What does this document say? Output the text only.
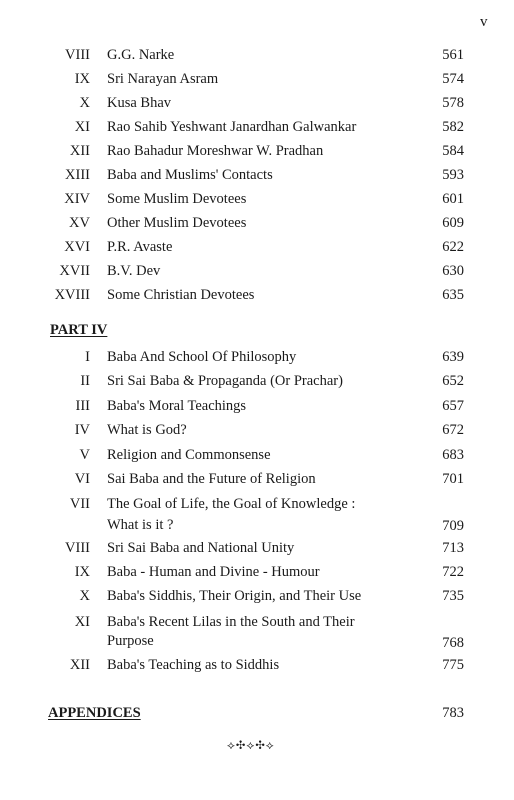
v
VIII G.G. Narke	561
IX Sri Narayan Asram	574
X Kusa Bhav	578
XI Rao Sahib Yeshwant Janardhan Galwankar	582
XII Rao Bahadur Moreshwar W. Pradhan	584
XIII Baba and Muslims' Contacts	593
XIV Some Muslim Devotees	601
XV Other Muslim Devotees	609
XVI P.R. Avaste	622
XVII B.V. Dev	630
XVIII Some Christian Devotees	635
PART IV
I Baba And School Of Philosophy	639
II Sri Sai Baba & Propaganda (Or Prachar)	652
III Baba's Moral Teachings	657
IV What is God?	672
V Religion and Commonsense	683
VI Sai Baba and the Future of Religion	701
VII The Goal of Life, the Goal of Knowledge :
What is it ?	709
VIII Sri Sai Baba and National Unity	713
IX Baba - Human and Divine - Humour	722
X Baba's Siddhis, Their Origin, and Their Use	735
XI Baba's Recent Lilas in the South and Their
Purpose	768
XII Baba's Teaching as to Siddhis	775
APPENDICES	783
⟡✣⟡✣⟡
